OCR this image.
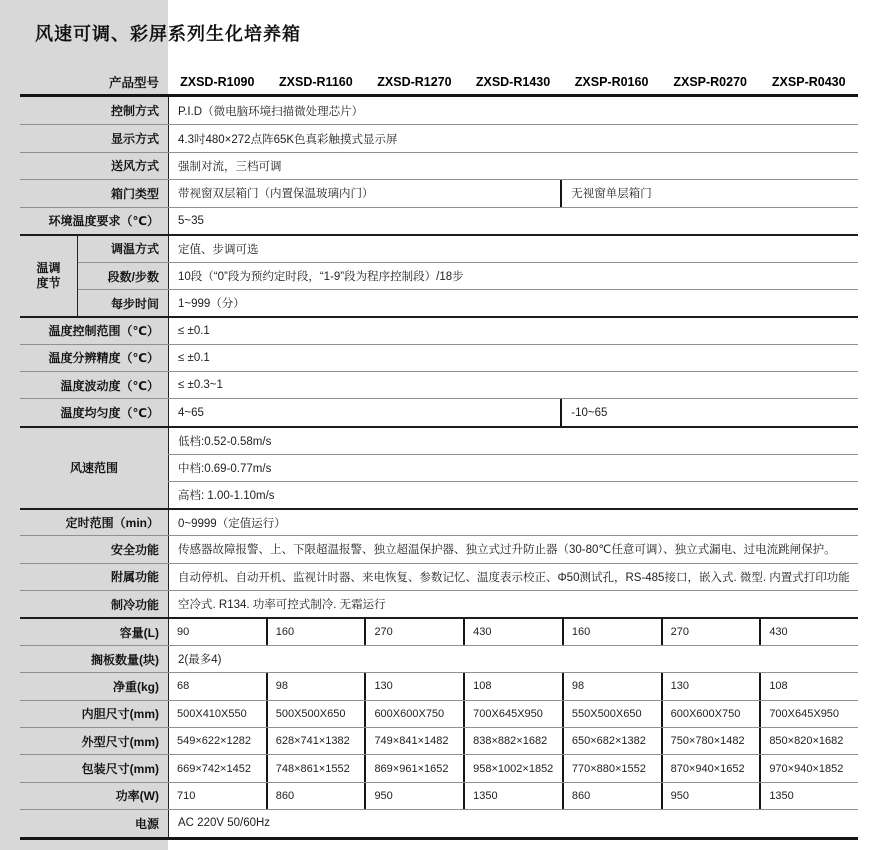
风速可调、彩屏系列生化培养箱
产品型号	ZXSD-R1090	ZXSD-R1160	ZXSD-R1270	ZXSD-R1430	ZXSP-R0160	ZXSP-R0270	ZXSP-R0430
控制方式	P.I.D（微电脑环境扫描微处理芯片）
显示方式	4.3吋480×272点阵65K色真彩触摸式显示屏
送风方式	强制对流，三档可调
箱门类型	带视窗双层箱门（内置保温玻璃内门）	无视窗单层箱门
环境温度要求（℃）	5~35
温调
度节
调温方式	定值、步调可选
段数/步数	10段（“0”段为预约定时段，“1-9”段为程序控制段）/18步
每步时间	1~999（分）
温度控制范围（℃）	≤ ±0.1
温度分辨精度（℃）	≤ ±0.1
温度波动度（℃）	≤ ±0.3~1
温度均匀度（℃）	4~65	-10~65
风速范围
低档:0.52-0.58m/s
中档:0.69-0.77m/s
高档: 1.00-1.10m/s
定时范围（min）	0~9999（定值运行）
安全功能	传感器故障报警、上、下限超温报警、独立超温保护器、独立式过升防止器（30-80℃任意可调）、独立式漏电、过电流跳闸保护。
附属功能	自动停机、自动开机、监视计时器、来电恢复、参数记忆、温度表示校正、Φ50测试孔，RS-485接口，嵌入式. 微型. 内置式打印功能
制冷功能	空冷式. R134. 功率可控式制冷. 无霜运行
容量(L)	90	160	270	430	160	270	430
搁板数量(块)	2(最多4)
净重(kg)	68	98	130	108	98	130	108
内胆尺寸(mm)	500X410X550	500X500X650	600X600X750	700X645X950	550X500X650	600X600X750	700X645X950
外型尺寸(mm)	549×622×1282	628×741×1382	749×841×1482	838×882×1682	650×682×1382	750×780×1482	850×820×1682
包装尺寸(mm)	669×742×1452	748×861×1552	869×961×1652	958×1002×1852	770×880×1552	870×940×1652	970×940×1852
功率(W)	710	860	950	1350	860	950	1350
电源	AC 220V 50/60Hz
